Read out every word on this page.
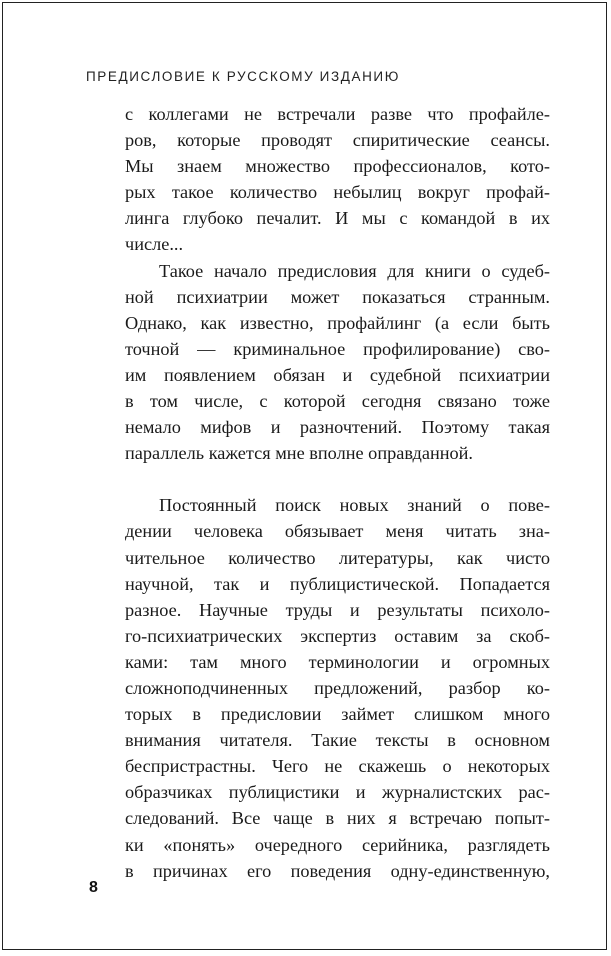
ПРЕДИСЛОВИЕ К РУССКОМУ ИЗДАНИЮ
с коллегами не встречали разве что профайле-
ров, которые проводят спиритические сеансы.
Мы знаем множество профессионалов, кото-
рых такое количество небылиц вокруг профай-
линга глубоко печалит. И мы с командой в их
числе...
Такое начало предисловия для книги о судеб-
ной психиатрии может показаться странным.
Однако, как известно, профайлинг (а если быть
точной — криминальное профилирование) сво-
им появлением обязан и судебной психиатрии
в том числе, с которой сегодня связано тоже
немало мифов и разночтений. Поэтому такая
параллель кажется мне вполне оправданной.
Постоянный поиск новых знаний о пове-
дении человека обязывает меня читать зна-
чительное количество литературы, как чисто
научной, так и публицистической. Попадается
разное. Научные труды и результаты психоло-
го-психиатрических экспертиз оставим за скоб-
ками: там много терминологии и огромных
сложноподчиненных предложений, разбор ко-
торых в предисловии займет слишком много
внимания читателя. Такие тексты в основном
беспристрастны. Чего не скажешь о некоторых
образчиках публицистики и журналистских рас-
следований. Все чаще в них я встречаю попыт-
ки «понять» очередного серийника, разглядеть
в причинах его поведения одну-единственную,
8
